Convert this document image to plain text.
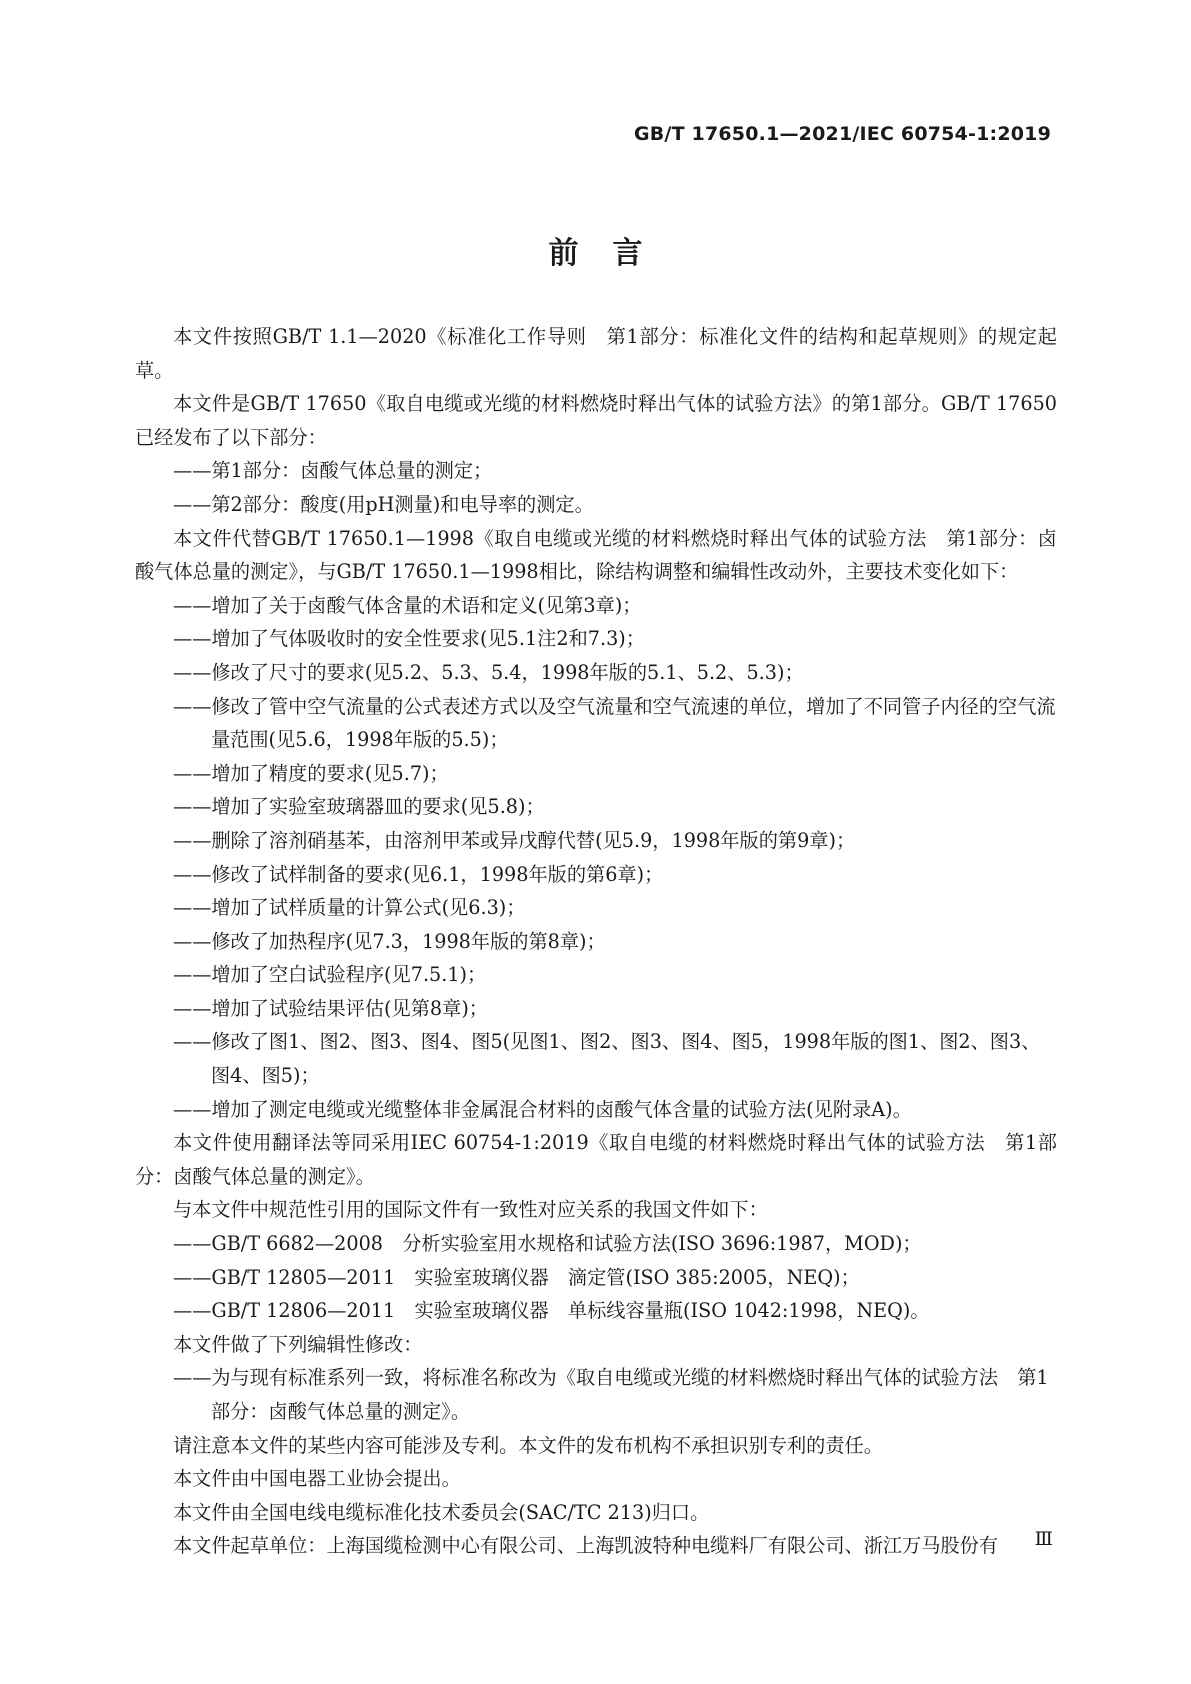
GB/T 17650.1—2021/IEC 60754-1:2019
前言

本文件按照GB/T 1.1—2020《标准化工作导则　第1部分：标准化文件的结构和起草规则》的规定起草。

本文件是GB/T 17650《取自电缆或光缆的材料燃烧时释出气体的试验方法》的第1部分。GB/T 17650已经发布了以下部分：

——第1部分：卤酸气体总量的测定；

——第2部分：酸度(用pH测量)和电导率的测定。

本文件代替GB/T 17650.1—1998《取自电缆或光缆的材料燃烧时释出气体的试验方法　第1部分：卤酸气体总量的测定》，与GB/T 17650.1—1998相比，除结构调整和编辑性改动外，主要技术变化如下：

——增加了关于卤酸气体含量的术语和定义(见第3章)；

——增加了气体吸收时的安全性要求(见5.1注2和7.3)；

——修改了尺寸的要求(见5.2、5.3、5.4，1998年版的5.1、5.2、5.3)；

——修改了管中空气流量的公式表述方式以及空气流量和空气流速的单位，增加了不同管子内径的空气流量范围(见5.6，1998年版的5.5)；

——增加了精度的要求(见5.7)；

——增加了实验室玻璃器皿的要求(见5.8)；

——删除了溶剂硝基苯，由溶剂甲苯或异戊醇代替(见5.9，1998年版的第9章)；

——修改了试样制备的要求(见6.1，1998年版的第6章)；

——增加了试样质量的计算公式(见6.3)；

——修改了加热程序(见7.3，1998年版的第8章)；

——增加了空白试验程序(见7.5.1)；

——增加了试验结果评估(见第8章)；

——修改了图1、图2、图3、图4、图5(见图1、图2、图3、图4、图5，1998年版的图1、图2、图3、图4、图5)；

——增加了测定电缆或光缆整体非金属混合材料的卤酸气体含量的试验方法(见附录A)。

本文件使用翻译法等同采用IEC 60754-1:2019《取自电缆的材料燃烧时释出气体的试验方法　第1部分：卤酸气体总量的测定》。

与本文件中规范性引用的国际文件有一致性对应关系的我国文件如下：

——GB/T 6682—2008　分析实验室用水规格和试验方法(ISO 3696:1987，MOD)；

——GB/T 12805—2011　实验室玻璃仪器　滴定管(ISO 385:2005，NEQ)；

——GB/T 12806—2011　实验室玻璃仪器　单标线容量瓶(ISO 1042:1998，NEQ)。

本文件做了下列编辑性修改：

——为与现有标准系列一致，将标准名称改为《取自电缆或光缆的材料燃烧时释出气体的试验方法　第1部分：卤酸气体总量的测定》。

请注意本文件的某些内容可能涉及专利。本文件的发布机构不承担识别专利的责任。

本文件由中国电器工业协会提出。

本文件由全国电线电缆标准化技术委员会(SAC/TC 213)归口。

本文件起草单位：上海国缆检测中心有限公司、上海凯波特种电缆料厂有限公司、浙江万马股份有	Ⅲ
